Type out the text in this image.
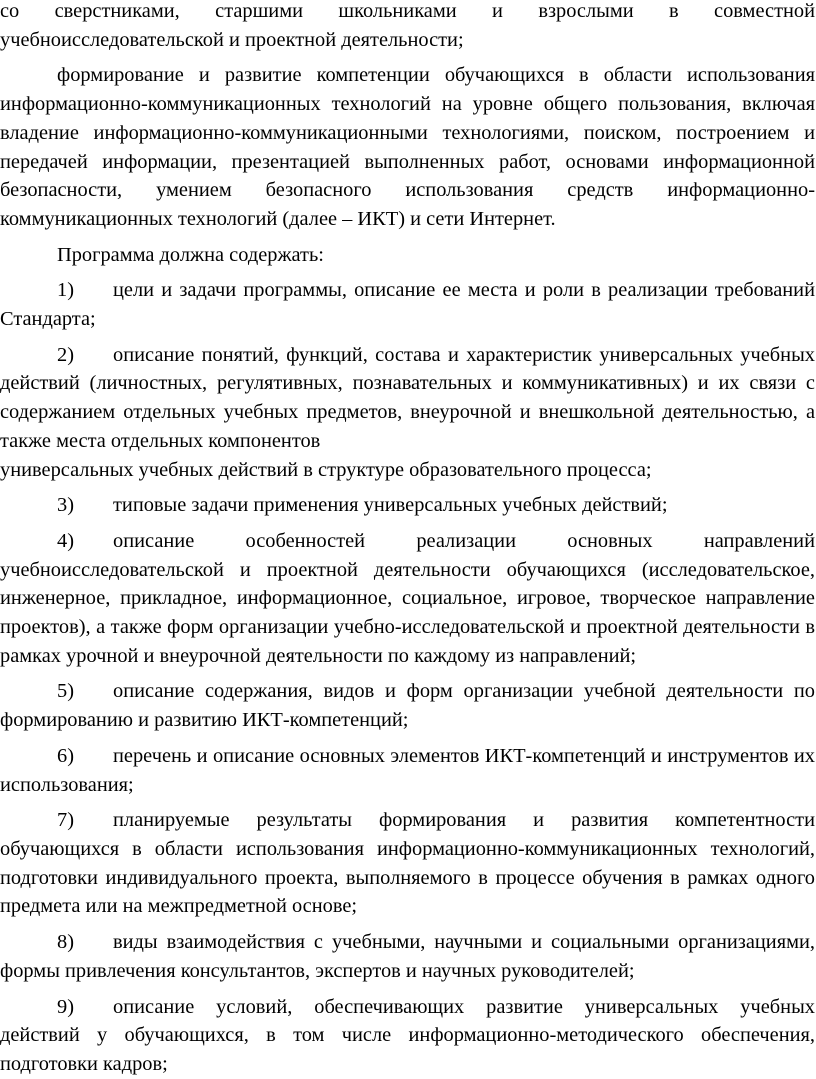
со сверстниками, старшими школьниками и взрослыми в совместной учебноисследовательской и проектной деятельности;

формирование и развитие компетенции обучающихся в области использования информационно-коммуникационных технологий на уровне общего пользования, включая владение информационно-коммуникационными технологиями, поиском, построением и передачей информации, презентацией выполненных работ, основами информационной безопасности, умением безопасного использования средств информационно-коммуникационных технологий (далее – ИКТ) и сети Интернет.

Программа должна содержать:

1) цели и задачи программы, описание ее места и роли в реализации требований Стандарта;

2) описание понятий, функций, состава и характеристик универсальных учебных действий (личностных, регулятивных, познавательных и коммуникативных) и их связи с содержанием отдельных учебных предметов, внеурочной и внешкольной деятельностью, а также места отдельных компонентов

универсальных учебных действий в структуре образовательного процесса;

3) типовые задачи применения универсальных учебных действий;

4) описание особенностей реализации основных направлений учебноисследовательской и проектной деятельности обучающихся (исследовательское, инженерное, прикладное, информационное, социальное, игровое, творческое направление проектов), а также форм организации учебно-исследовательской и проектной деятельности в рамках урочной и внеурочной деятельности по каждому из направлений;

5) описание содержания, видов и форм организации учебной деятельности по формированию и развитию ИКТ-компетенций;

6) перечень и описание основных элементов ИКТ-компетенций и инструментов их использования;

7) планируемые результаты формирования и развития компетентности обучающихся в области использования информационно-коммуникационных технологий, подготовки индивидуального проекта, выполняемого в процессе обучения в рамках одного предмета или на межпредметной основе;

8) виды взаимодействия с учебными, научными и социальными организациями, формы привлечения консультантов, экспертов и научных руководителей;

9) описание условий, обеспечивающих развитие универсальных учебных действий у обучающихся, в том числе информационно-методического обеспечения, подготовки кадров;
